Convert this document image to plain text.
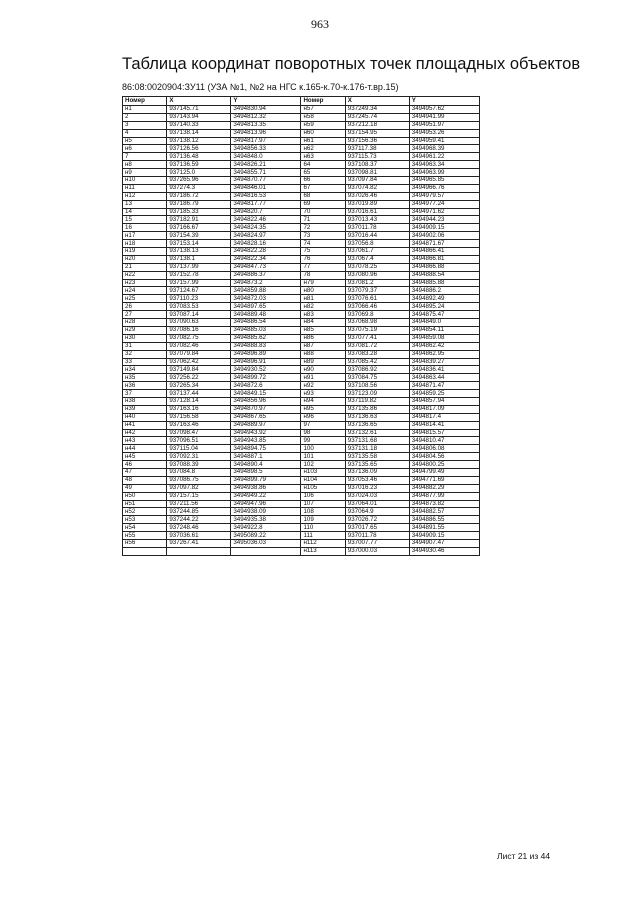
963
Таблица координат поворотных точек площадных объектов
86:08:0020904:ЗУ11 (УЗА №1, №2 на НГС к.165-к.70-к.176-т.вр.15)
Номер	X	Y	Номер	X	Y
н1	937145.71	3494830.94	н57	937249.34	3494957.62
2	937143.94	3494812.32	н58	937245.74	3494941.99
3	937140.33	3494813.35	н59	937212.18	3494951.97
4	937138.14	3494813.96	н60	937154.95	3494953.26
н5	937138.12	3494817.97	н61	937156.36	3494959.41
н6	937126.56	3494856.33	н62	937117.38	3494968.39
7	937136.48	3494848.0	н63	937115.73	3494961.22
н8	937136.59	3494826.21	64	937108.37	3494963.34
н9	937125.0	3494855.71	65	937098.81	3494963.99
н10	937265.96	3494870.77	66	937097.84	3494965.85
н11	937274.3	3494846.01	67	937074.82	3494966.76
н12	937186.72	3494816.53	68	937026.46	3494979.57
13	937186.79	3494817.77	69	937019.89	3494977.24
14	937185.33	3494820.7	70	937016.61	3494971.62
15	937182.91	3494822.46	71	937013.43	3494944.23
16	937166.67	3494824.35	72	937011.78	3494909.15
н17	937154.39	3494824.97	73	937016.44	3494902.06
н18	937153.14	3494828.16	74	937056.8	3494871.67
н19	937138.13	3494822.28	75	937061.7	3494866.41
н20	937138.1	3494822.34	76	937067.4	3494866.81
21	937137.99	3494847.73	77	937078.25	3494866.88
н22	937152.78	3494886.37	78	937080.96	3494888.54
н23	937157.99	3494873.2	н79	937081.2	3494885.88
н24	937124.67	3494859.88	н80	937079.37	3494886.2
н25	937110.23	3494872.03	н81	937076.61	3494892.49
26	937083.53	3494897.65	н82	937066.46	3494895.24
27	937087.14	3494889.48	н83	937069.8	3494875.47
н28	937090.63	3494886.54	н84	937068.98	3494849.0
н29	937086.16	3494885.03	н85	937075.19	3494854.11
н30	937082.75	3494885.62	н86	937077.41	3494859.08
31	937082.46	3494888.83	н87	937081.72	3494862.42
32	937079.84	3494896.89	н88	937083.28	3494862.95
33	937062.42	3494896.91	н89	937085.42	3494839.27
н34	937149.84	3494930.52	н90	937086.92	3494836.41
н35	937256.22	3494899.72	н91	937084.75	3494863.44
н36	937265.34	3494872.6	н92	937108.56	3494871.47
37	937137.44	3494849.15	н93	937123.09	3494859.25
н38	937128.14	3494856.96	н94	937119.82	3494857.94
н39	937163.16	3494870.97	н95	937135.86	3494817.09
н40	937156.58	3494867.65	н96	937136.63	3494817.4
н41	937163.46	3494889.97	97	937136.65	3494814.41
н42	937098.47	3494943.92	98	937132.61	3494815.57
н43	937096.51	3494943.85	99	937131.68	3494810.47
н44	937115.04	3494894.75	100	937131.18	3494806.08
н45	937092.31	3494887.1	101	937135.58	3494804.56
46	937088.39	3494890.4	102	937135.65	3494800.25
47	937084.8	3494898.5	н103	937136.09	3494799.49
48	937086.75	3494899.79	н104	937053.46	3494771.69
49	937097.82	3494938.86	н105	937016.23	3494882.29
н50	937157.15	3494949.22	106	937024.03	3494877.99
н51	937211.56	3494947.96	107	937064.01	3494873.82
н52	937244.85	3494938.09	108	937064.9	3494882.57
н53	937244.22	3494935.38	109	937026.72	3494886.55
н54	937248.46	3494922.8	110	937017.65	3494891.55
н55	937036.61	3495089.22	111	937011.78	3494909.15
н56	937267.41	3495036.03	н112	937007.77	3494907.47
			н113	937000.03	3494930.46
Лист 21 из 44
